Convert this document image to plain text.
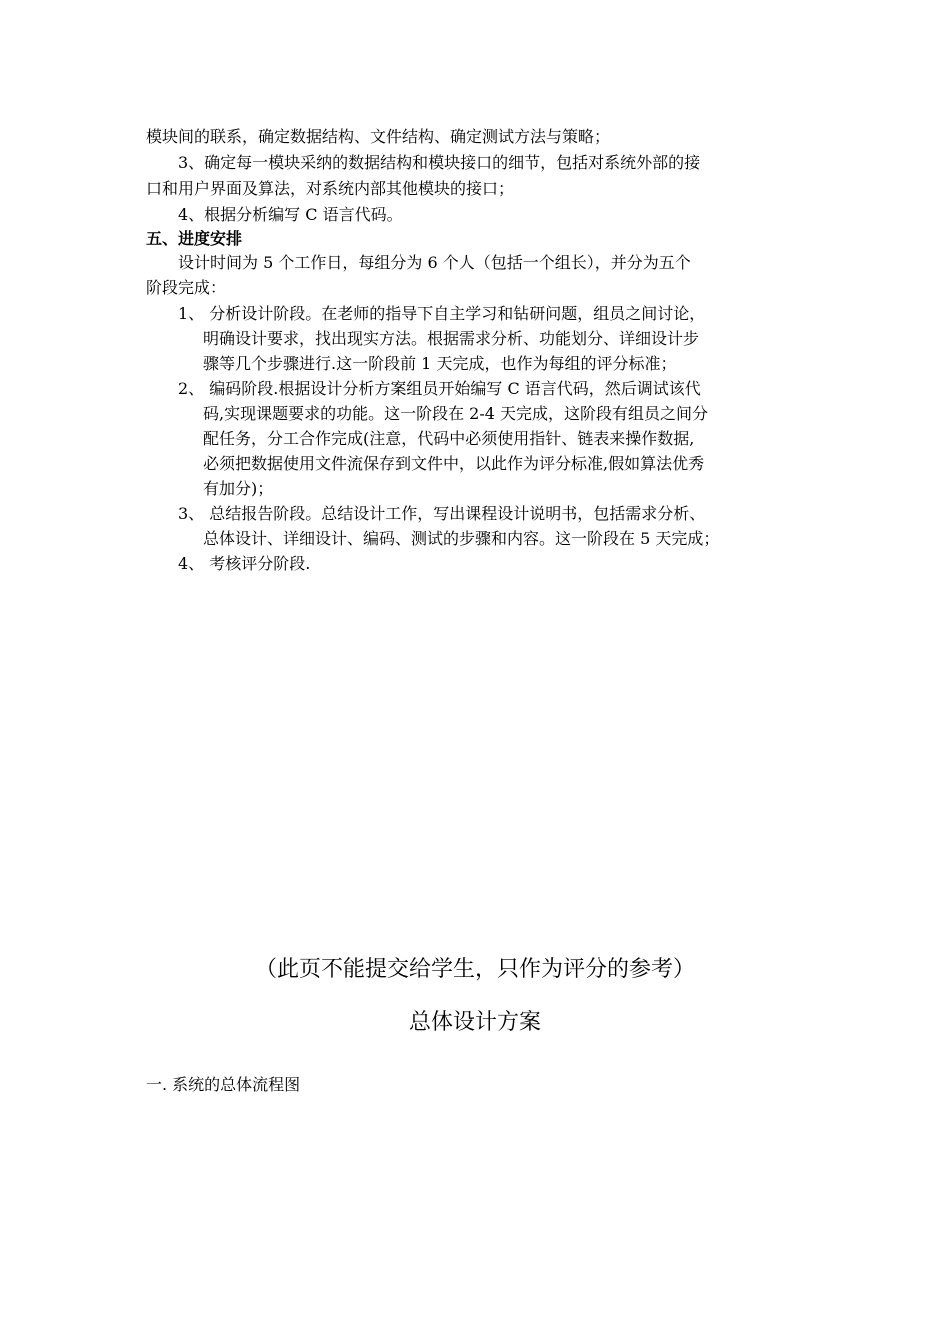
模块间的联系，确定数据结构、文件结构、确定测试方法与策略；
3、确定每一模块采纳的数据结构和模块接口的细节，包括对系统外部的接
口和用户界面及算法，对系统内部其他模块的接口；
4、根据分析编写 C 语言代码。
五、进度安排
设计时间为 5 个工作日，每组分为 6 个人（包括一个组长），并分为五个
阶段完成：
1、 分析设计阶段。在老师的指导下自主学习和钻研问题，组员之间讨论，
明确设计要求，找出现实方法。根据需求分析、功能划分、详细设计步
骤等几个步骤进行.这一阶段前 1 天完成，也作为每组的评分标准；
2、 编码阶段.根据设计分析方案组员开始编写 C 语言代码，然后调试该代
码,实现课题要求的功能。这一阶段在 2-4 天完成，这阶段有组员之间分
配任务，分工合作完成(注意，代码中必须使用指针、链表来操作数据,
必须把数据使用文件流保存到文件中，以此作为评分标准,假如算法优秀
有加分)；
3、 总结报告阶段。总结设计工作，写出课程设计说明书，包括需求分析、
总体设计、详细设计、编码、测试的步骤和内容。这一阶段在 5 天完成；
4、 考核评分阶段.
（此页不能提交给学生，只作为评分的参考）
总体设计方案
一. 系统的总体流程图
